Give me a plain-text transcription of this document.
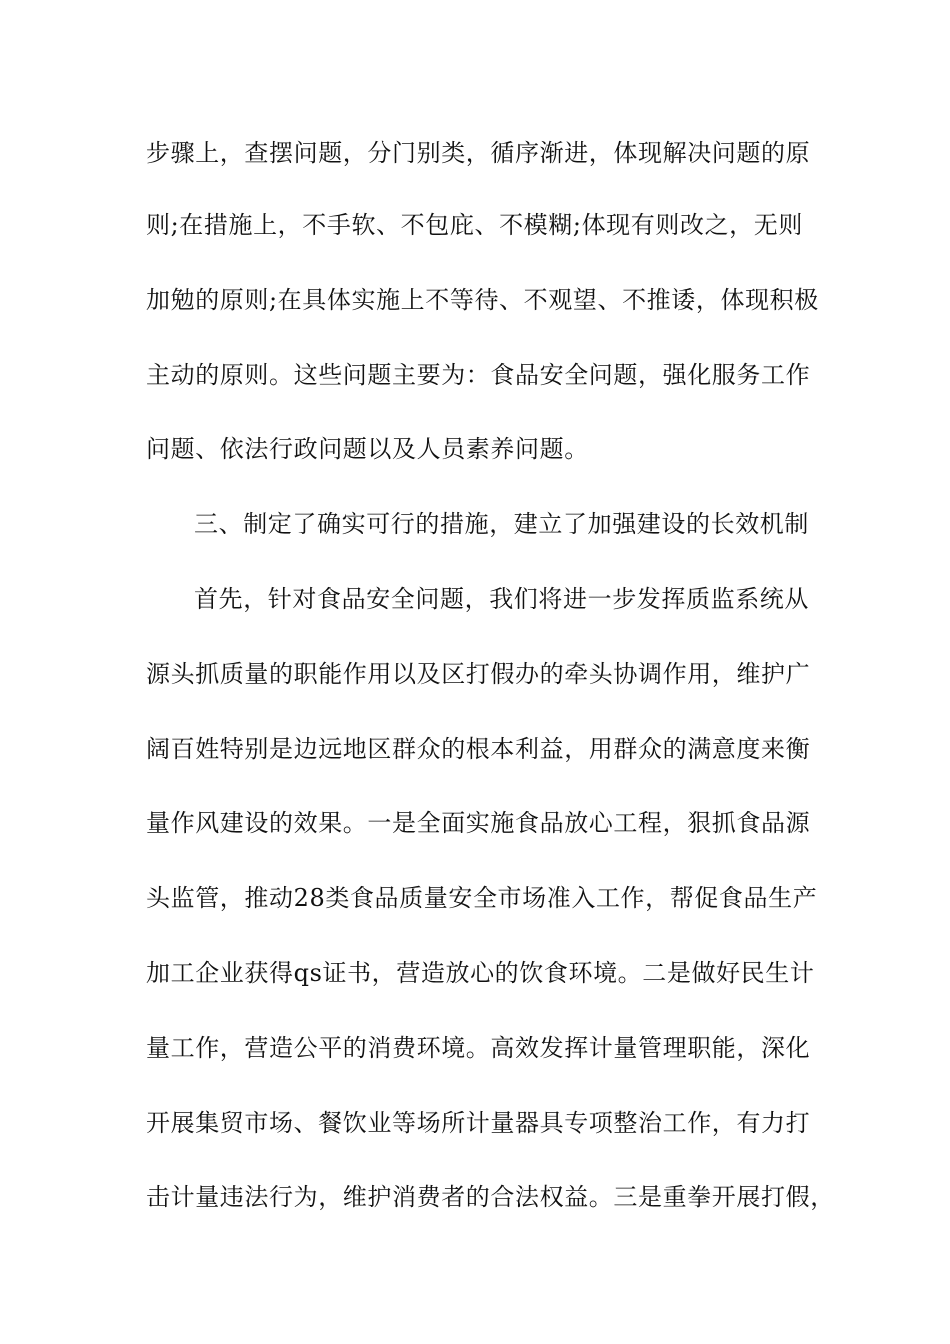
步骤上，查摆问题，分门别类，循序渐进，体现解决问题的原
则;在措施上，不手软、不包庇、不模糊;体现有则改之，无则
加勉的原则;在具体实施上不等待、不观望、不推诿，体现积极
主动的原则。这些问题主要为：食品安全问题，强化服务工作
问题、依法行政问题以及人员素养问题。
三、制定了确实可行的措施，建立了加强建设的长效机制
首先，针对食品安全问题，我们将进一步发挥质监系统从
源头抓质量的职能作用以及区打假办的牵头协调作用，维护广
阔百姓特别是边远地区群众的根本利益，用群众的满意度来衡
量作风建设的效果。一是全面实施食品放心工程，狠抓食品源
头监管，推动28类食品质量安全市场准入工作，帮促食品生产
加工企业获得qs证书，营造放心的饮食环境。二是做好民生计
量工作，营造公平的消费环境。高效发挥计量管理职能，深化
开展集贸市场、餐饮业等场所计量器具专项整治工作，有力打
击计量违法行为，维护消费者的合法权益。三是重拳开展打假，
